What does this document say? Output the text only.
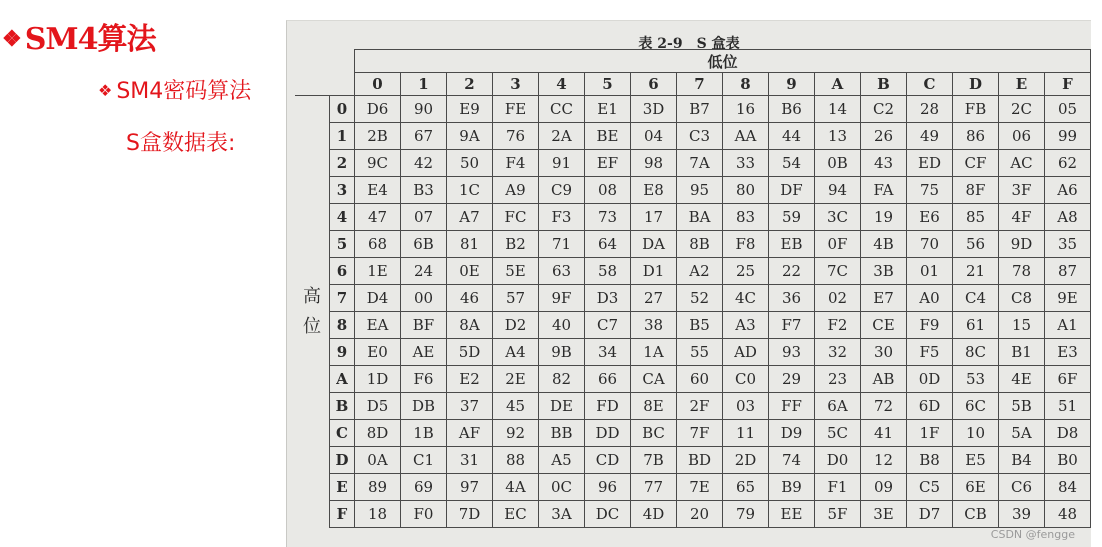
❖ SM4算法
❖ SM4密码算法
S盒数据表:
表 2-9　S 盒表
		低位															
		0	1	2	3	4	5	6	7	8	9	A	B	C	D	E	F

高
位	0	D6	90	E9	FE	CC	E1	3D	B7	16	B6	14	C2	28	FB	2C	05
	1	2B	67	9A	76	2A	BE	04	C3	AA	44	13	26	49	86	06	99
	2	9C	42	50	F4	91	EF	98	7A	33	54	0B	43	ED	CF	AC	62
	3	E4	B3	1C	A9	C9	08	E8	95	80	DF	94	FA	75	8F	3F	A6
	4	47	07	A7	FC	F3	73	17	BA	83	59	3C	19	E6	85	4F	A8
	5	68	6B	81	B2	71	64	DA	8B	F8	EB	0F	4B	70	56	9D	35
	6	1E	24	0E	5E	63	58	D1	A2	25	22	7C	3B	01	21	78	87
	7	D4	00	46	57	9F	D3	27	52	4C	36	02	E7	A0	C4	C8	9E
	8	EA	BF	8A	D2	40	C7	38	B5	A3	F7	F2	CE	F9	61	15	A1
	9	E0	AE	5D	A4	9B	34	1A	55	AD	93	32	30	F5	8C	B1	E3
	A	1D	F6	E2	2E	82	66	CA	60	C0	29	23	AB	0D	53	4E	6F
	B	D5	DB	37	45	DE	FD	8E	2F	03	FF	6A	72	6D	6C	5B	51
	C	8D	1B	AF	92	BB	DD	BC	7F	11	D9	5C	41	1F	10	5A	D8
	D	0A	C1	31	88	A5	CD	7B	BD	2D	74	D0	12	B8	E5	B4	B0
	E	89	69	97	4A	0C	96	77	7E	65	B9	F1	09	C5	6E	C6	84
	F	18	F0	7D	EC	3A	DC	4D	20	79	EE	5F	3E	D7	CB	39	48
CSDN @fengge
